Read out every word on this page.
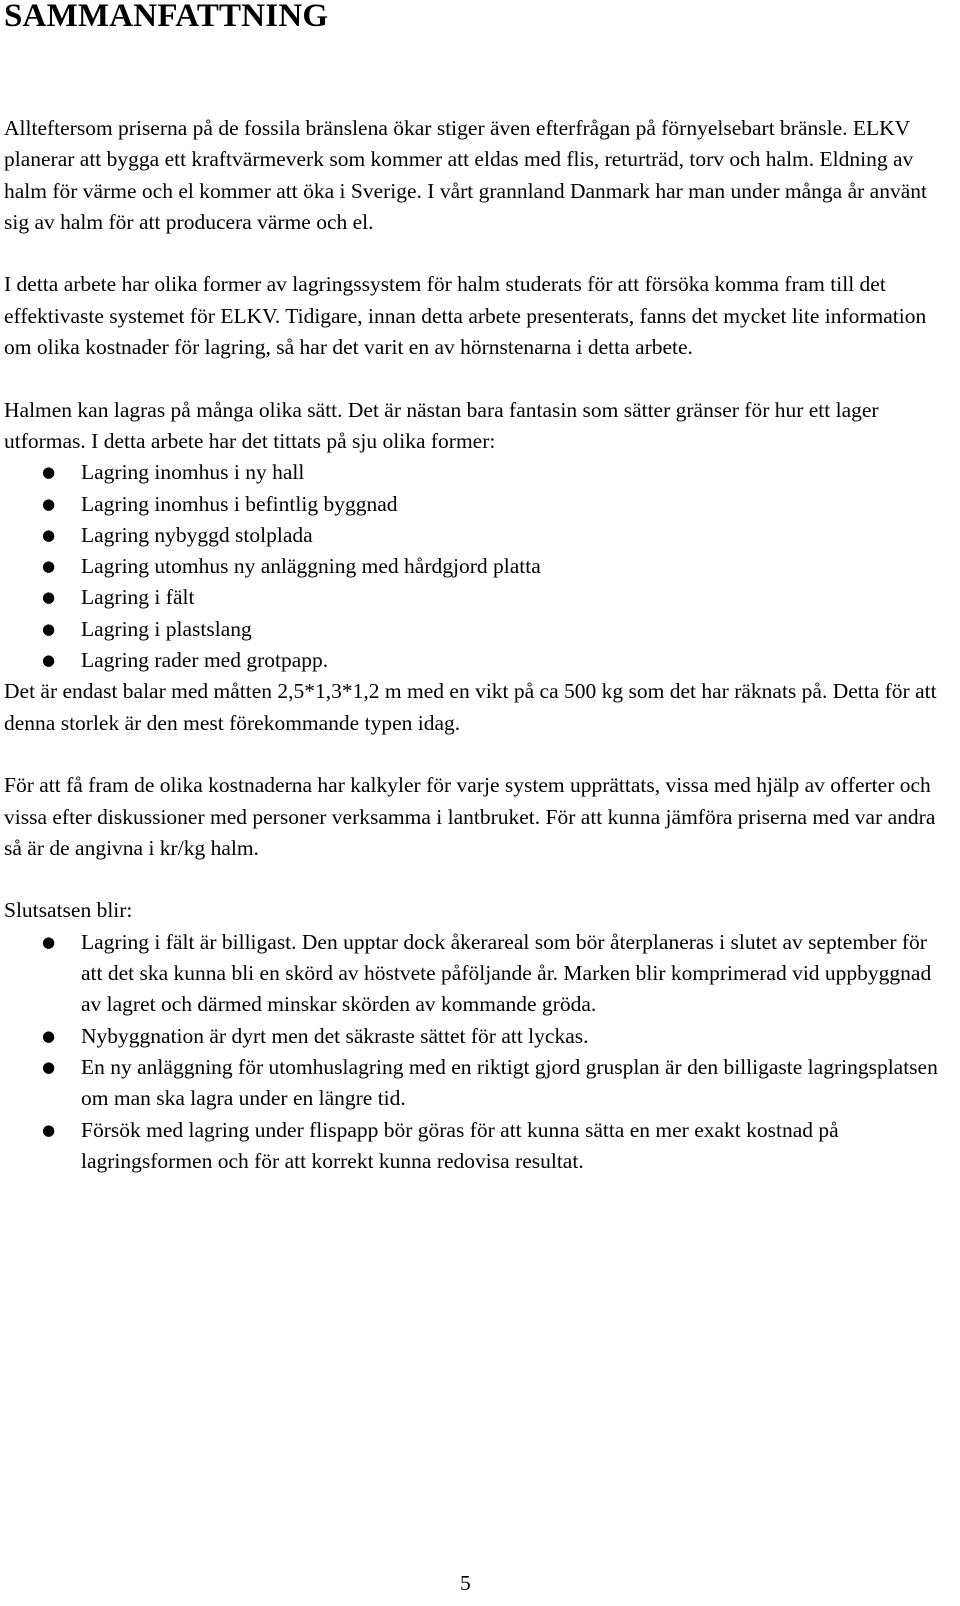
SAMMANFATTNING

Allteftersom priserna på de fossila bränslena ökar stiger även efterfrågan på förnyelsebart bränsle. ELKV planerar att bygga ett kraftvärmeverk som kommer att eldas med flis, returträd, torv och halm. Eldning av halm för värme och el kommer att öka i Sverige. I vårt grannland Danmark har man under många år använt sig av halm för att producera värme och el.

I detta arbete har olika former av lagringssystem för halm studerats för att försöka komma fram till det effektivaste systemet för ELKV. Tidigare, innan detta arbete presenterats, fanns det mycket lite information om olika kostnader för lagring, så har det varit en av hörnstenarna i detta arbete.

Halmen kan lagras på många olika sätt. Det är nästan bara fantasin som sätter gränser för hur ett lager utformas. I detta arbete har det tittats på sju olika former:

●	Lagring inomhus i ny hall
●	Lagring inomhus i befintlig byggnad
●	Lagring nybyggd stolplada
●	Lagring utomhus ny anläggning med hårdgjord platta
●	Lagring i fält
●	Lagring i plastslang
●	Lagring rader med grotpapp.

Det är endast balar med måtten 2,5*1,3*1,2 m med en vikt på ca 500 kg som det har räknats på. Detta för att denna storlek är den mest förekommande typen idag.

För att få fram de olika kostnaderna har kalkyler för varje system upprättats, vissa med hjälp av offerter och vissa efter diskussioner med personer verksamma i lantbruket. För att kunna jämföra priserna med var andra så är de angivna i kr/kg halm.

Slutsatsen blir:

●	Lagring i fält är billigast. Den upptar dock åkerareal som bör återplaneras i slutet av september för att det ska kunna bli en skörd av höstvete påföljande år. Marken blir komprimerad vid uppbyggnad av lagret och därmed minskar skörden av kommande gröda.
●	Nybyggnation är dyrt men det säkraste sättet för att lyckas.
●	En ny anläggning för utomhuslagring med en riktigt gjord grusplan är den billigaste lagringsplatsen om man ska lagra under en längre tid.
●	Försök med lagring under flispapp bör göras för att kunna sätta en mer exakt kostnad på lagringsformen och för att korrekt kunna redovisa resultat.
5
